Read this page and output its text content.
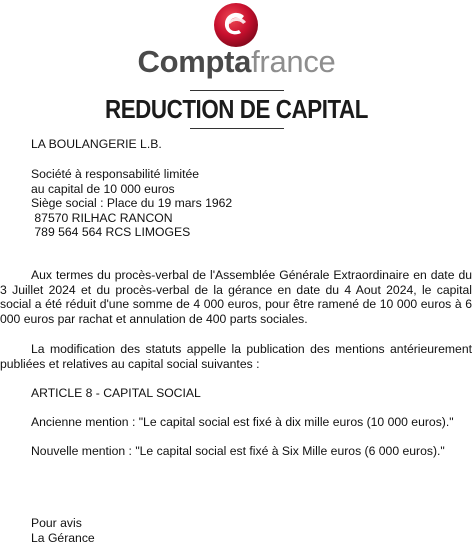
Comptafrance
REDUCTION DE CAPITAL
LA BOULANGERIE L.B.
Société à responsabilité limitée
au capital de 10 000 euros
Siège social : Place du 19 mars 1962
87570 RILHAC RANCON
789 564 564 RCS LIMOGES
Aux termes du procès-verbal de l'Assemblée Générale Extraordinaire en date du 3 Juillet 2024 et du procès-verbal de la gérance en date du 4 Aout 2024, le capital social a été réduit d'une somme de 4 000 euros, pour être ramené de 10 000 euros à 6 000 euros par rachat et annulation de 400 parts sociales.
La modification des statuts appelle la publication des mentions antérieurement publiées et relatives au capital social suivantes :
ARTICLE 8 - CAPITAL SOCIAL
Ancienne mention : "Le capital social est fixé à dix mille euros (10 000 euros)."
Nouvelle mention : "Le capital social est fixé à Six Mille euros (6 000 euros)."
Pour avis
La Gérance
